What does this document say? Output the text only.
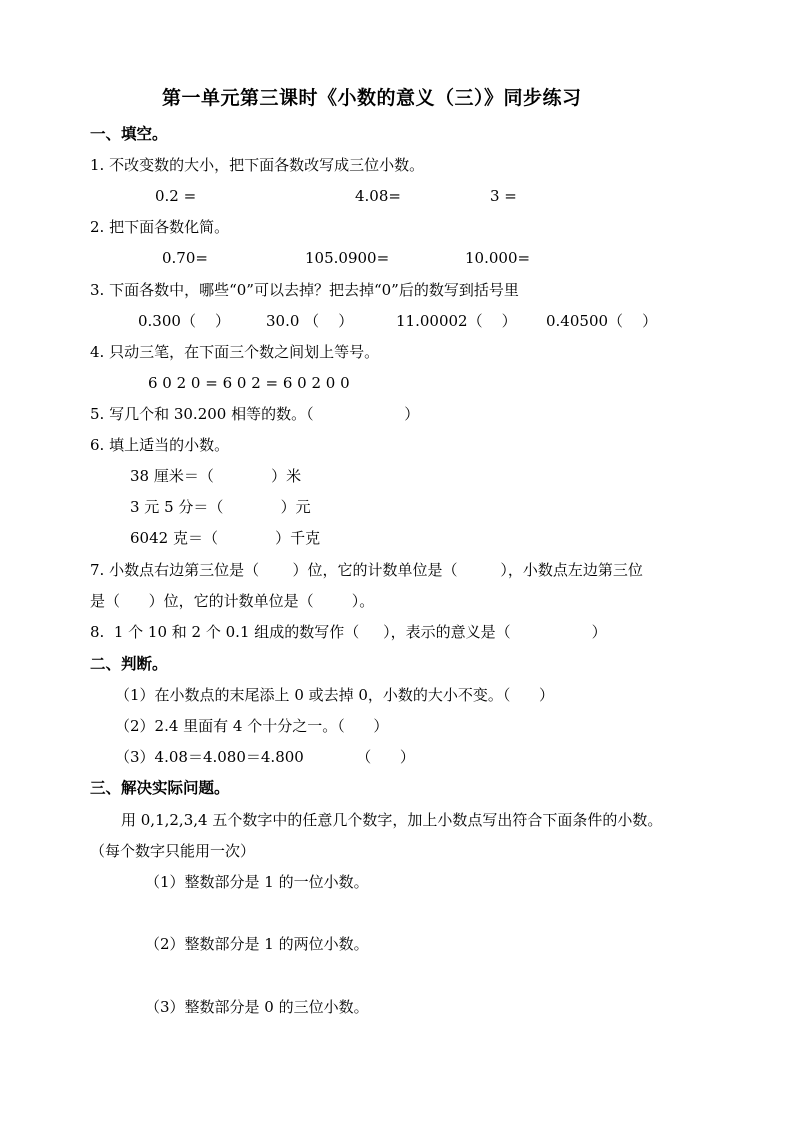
第一单元第三课时《小数的意义（三）》同步练习
一、填空。
1. 不改变数的大小，把下面各数改写成三位小数。
0.2 =	4.08=	3 =
2. 把下面各数化简。
0.70=	105.0900=	10.000=
3. 下面各数中，哪些“0”可以去掉？把去掉“0”后的数写到括号里
0.300（    ） 30.0 （    ）	11.00002（    ） 0.40500（    ）
4. 只动三笔，在下面三个数之间划上等号。
6 0 2 0 = 6 0 2 = 6 0 2 0 0
5. 写几个和 30.200 相等的数。（                   ）
6. 填上适当的小数。
38 厘米＝（            ）米
3 元 5 分＝（            ）元
6042 克＝（            ）千克
7. 小数点右边第三位是（       ）位，它的计数单位是（         ），小数点左边第三位
是（      ）位，它的计数单位是（        ）。
8.  1 个 10 和 2 个 0.1 组成的数写作（     ），表示的意义是（                 ）
二、判断。
（1）在小数点的末尾添上 0 或去掉 0，小数的大小不变。（      ）
（2）2.4 里面有 4 个十分之一。（      ）
（3）4.08＝4.080＝4.800           （      ）
三、解决实际问题。
用 0,1,2,3,4 五个数字中的任意几个数字，加上小数点写出符合下面条件的小数。
（每个数字只能用一次）
（1）整数部分是 1 的一位小数。
（2）整数部分是 1 的两位小数。
（3）整数部分是 0 的三位小数。
